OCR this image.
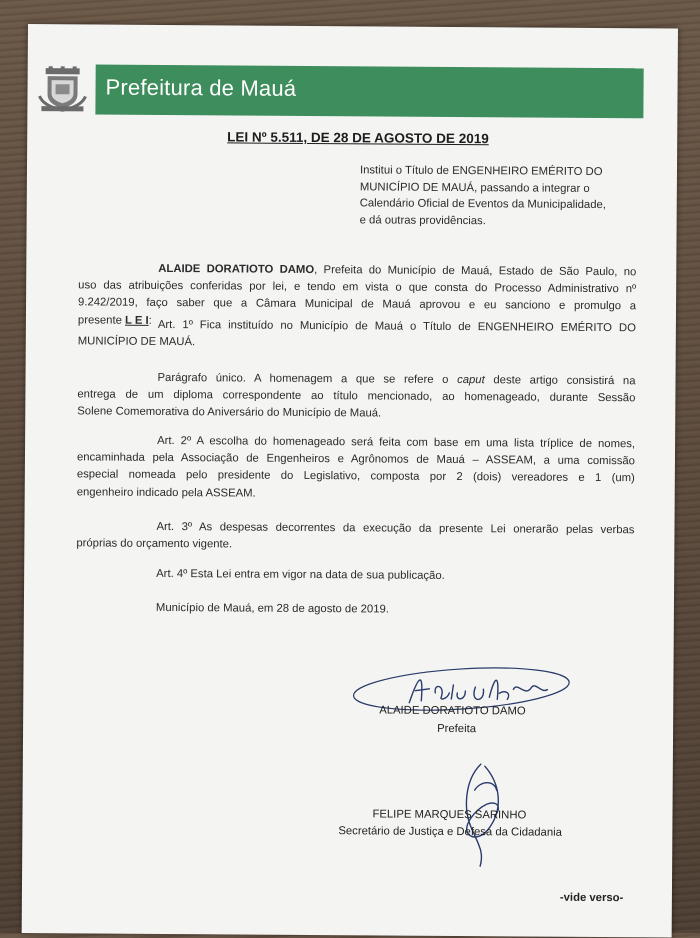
Prefeitura de Mauá
LEI Nº 5.511, DE 28 DE AGOSTO DE 2019
Institui o Título de ENGENHEIRO EMÉRITO DO
MUNICÍPIO DE MAUÁ, passando a integrar o
Calendário Oficial de Eventos da Municipalidade,
e dá outras providências.
ALAIDE DORATIOTO DAMO, Prefeita do Município de Mauá, Estado de São Paulo, no
uso das atribuições conferidas por lei, e tendo em vista o que consta do Processo Administrativo nº
9.242/2019, faço saber que a Câmara Municipal de Mauá aprovou e eu sanciono e promulgo a
presente L E I: Art. 1º Fica instituído no Município de Mauá o Título de ENGENHEIRO EMÉRITO DO
MUNICÍPIO DE MAUÁ.
Parágrafo único. A homenagem a que se refere o caput deste artigo consistirá na
entrega de um diploma correspondente ao título mencionado, ao homenageado, durante Sessão
Solene Comemorativa do Aniversário do Município de Mauá.
Art. 2º A escolha do homenageado será feita com base em uma lista tríplice de nomes,
encaminhada pela Associação de Engenheiros e Agrônomos de Mauá – ASSEAM, a uma comissão
especial nomeada pelo presidente do Legislativo, composta por 2 (dois) vereadores e 1 (um)
engenheiro indicado pela ASSEAM.
Art. 3º As despesas decorrentes da execução da presente Lei onerarão pelas verbas
próprias do orçamento vigente.
Art. 4º Esta Lei entra em vigor na data de sua publicação.
Município de Mauá, em 28 de agosto de 2019.
ALAIDE DORATIOTO DAMO
Prefeita
FELIPE MARQUES SARINHO
Secretário de Justiça e Defesa da Cidadania
-vide verso-
